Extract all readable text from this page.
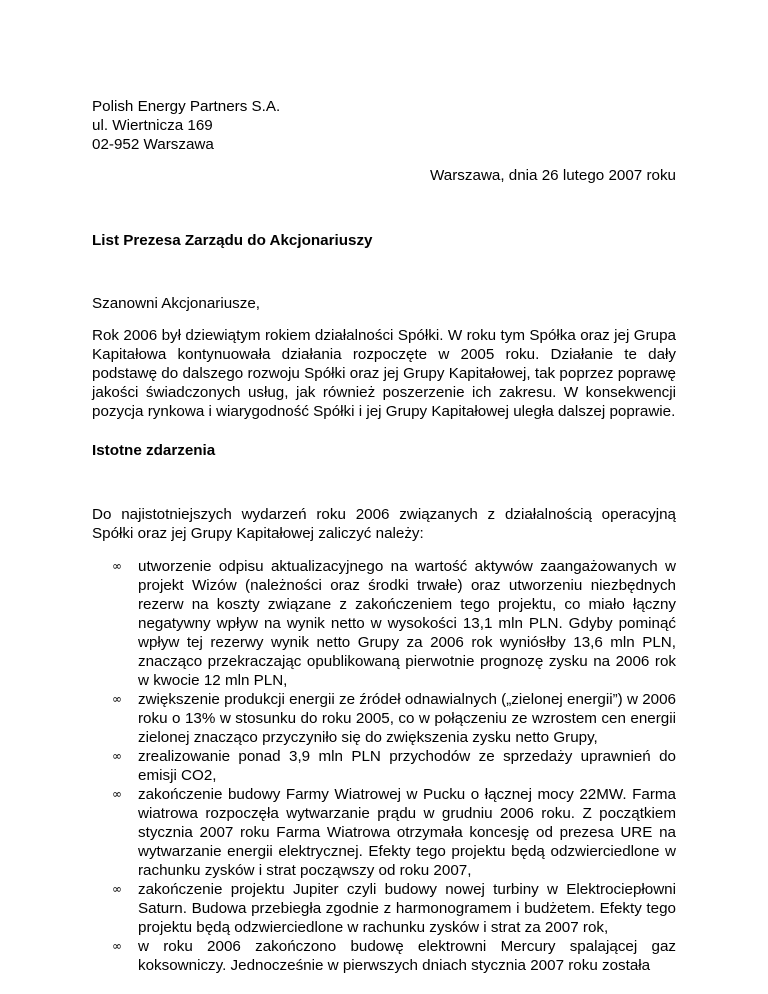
Polish Energy Partners S.A.
ul. Wiertnicza 169
02-952 Warszawa
Warszawa, dnia 26 lutego 2007 roku
List Prezesa Zarządu do Akcjonariuszy
Szanowni Akcjonariusze,
Rok 2006 był dziewiątym rokiem działalności Spółki. W roku tym Spółka oraz jej Grupa Kapitałowa kontynuowała działania rozpoczęte w 2005 roku. Działanie te dały podstawę do dalszego rozwoju Spółki oraz jej Grupy Kapitałowej, tak poprzez poprawę jakości świadczonych usług, jak również poszerzenie ich zakresu. W konsekwencji pozycja rynkowa i wiarygodność Spółki i jej Grupy Kapitałowej uległa dalszej poprawie.
Istotne zdarzenia
Do najistotniejszych wydarzeń roku 2006 związanych z działalnością operacyjną Spółki oraz jej Grupy Kapitałowej zaliczyć należy:
∞ utworzenie odpisu aktualizacyjnego na wartość aktywów zaangażowanych w projekt Wizów (należności oraz środki trwałe) oraz utworzeniu niezbędnych rezerw na koszty związane z zakończeniem tego projektu, co miało łączny negatywny wpływ na wynik netto w wysokości 13,1 mln PLN. Gdyby pominąć wpływ tej rezerwy wynik netto Grupy za 2006 rok wyniósłby 13,6 mln PLN, znacząco przekraczając opublikowaną pierwotnie prognozę zysku na 2006 rok w kwocie 12 mln PLN,
∞ zwiększenie produkcji energii ze źródeł odnawialnych („zielonej energii”) w 2006 roku o 13% w stosunku do roku 2005, co w połączeniu ze wzrostem cen energii zielonej znacząco przyczyniło się do zwiększenia zysku netto Grupy,
∞ zrealizowanie ponad 3,9 mln PLN przychodów ze sprzedaży uprawnień do emisji CO2,
∞ zakończenie budowy Farmy Wiatrowej w Pucku o łącznej mocy 22MW. Farma wiatrowa rozpoczęła wytwarzanie prądu w grudniu 2006 roku. Z początkiem stycznia 2007 roku Farma Wiatrowa otrzymała koncesję od prezesa URE na wytwarzanie energii elektrycznej. Efekty tego projektu będą odzwierciedlone w rachunku zysków i strat począwszy od roku 2007,
∞ zakończenie projektu Jupiter czyli budowy nowej turbiny w Elektrociepłowni Saturn. Budowa przebiegła zgodnie z harmonogramem i budżetem. Efekty tego projektu będą odzwierciedlone w rachunku zysków i strat za 2007 rok,
∞ w roku 2006 zakończono budowę elektrowni Mercury spalającej gaz koksowniczy. Jednocześnie w pierwszych dniach stycznia 2007 roku została
